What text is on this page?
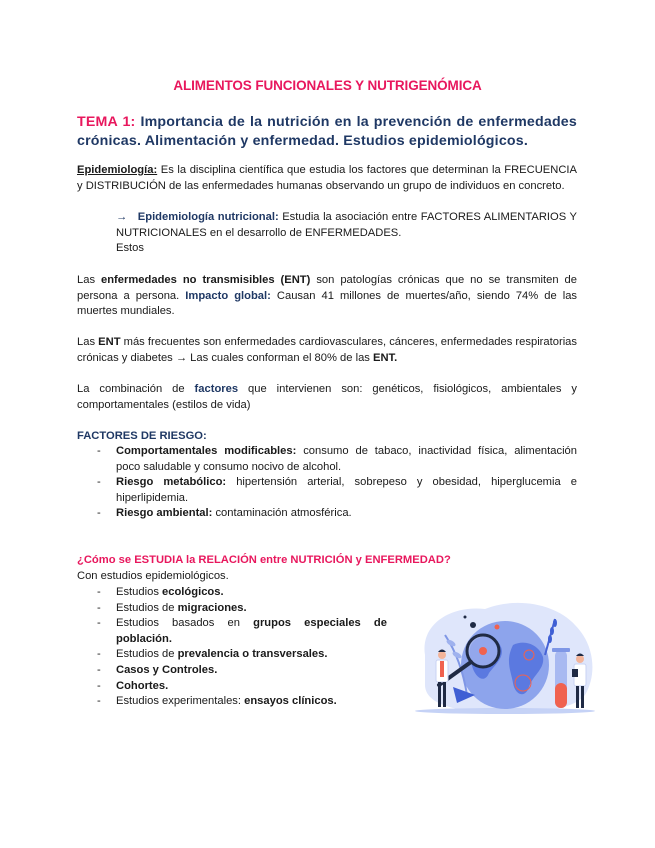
ALIMENTOS FUNCIONALES Y NUTRIGENÓMICA
TEMA 1: Importancia de la nutrición en la prevención de enfermedades crónicas. Alimentación y enfermedad. Estudios epidemiológicos.
Epidemiología: Es la disciplina científica que estudia los factores que determinan la FRECUENCIA y DISTRIBUCIÓN de las enfermedades humanas observando un grupo de individuos en concreto.
→ Epidemiología nutricional: Estudia la asociación entre FACTORES ALIMENTARIOS Y NUTRICIONALES en el desarrollo de ENFERMEDADES.
Estos
Las enfermedades no transmisibles (ENT) son patologías crónicas que no se transmiten de persona a persona. Impacto global: Causan 41 millones de muertes/año, siendo 74% de las muertes mundiales.
Las ENT más frecuentes son enfermedades cardiovasculares, cánceres, enfermedades respiratorias crónicas y diabetes → Las cuales conforman el 80% de las ENT.
La combinación de factores que intervienen son: genéticos, fisiológicos, ambientales y comportamentales (estilos de vida)
FACTORES DE RIESGO:
- Comportamentales modificables: consumo de tabaco, inactividad física, alimentación poco saludable y consumo nocivo de alcohol.
- Riesgo metabólico: hipertensión arterial, sobrepeso y obesidad, hiperglucemia e hiperlipidemia.
- Riesgo ambiental: contaminación atmosférica.
¿Cómo se ESTUDIA la RELACIÓN entre NUTRICIÓN y ENFERMEDAD?
Con estudios epidemiológicos.
- Estudios ecológicos.
- Estudios de migraciones.
- Estudios basados en grupos especiales de población.
- Estudios de prevalencia o transversales.
- Casos y Controles.
- Cohortes.
- Estudios experimentales: ensayos clínicos.
